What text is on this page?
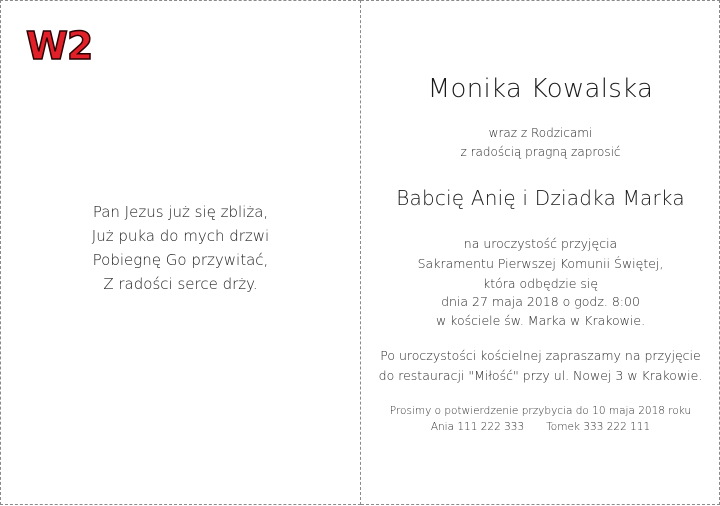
W2
Pan Jezus już się zbliża,
Już puka do mych drzwi
Pobiegnę Go przywitać,
Z radości serce drży.
Monika Kowalska
wraz z Rodzicami
z radością pragną zaprosić
Babcię Anię i Dziadka Marka
na uroczystość przyjęcia
Sakramentu Pierwszej Komunii Świętej,
która odbędzie się
dnia 27 maja 2018 o godz. 8:00
w kościele św. Marka w Krakowie.
Po uroczystości kościelnej zapraszamy na przyjęcie
do restauracji "Miłość" przy ul. Nowej 3 w Krakowie.
Prosimy o potwierdzenie przybycia do 10 maja 2018 roku
Ania 111 222 333 Tomek 333 222 111
